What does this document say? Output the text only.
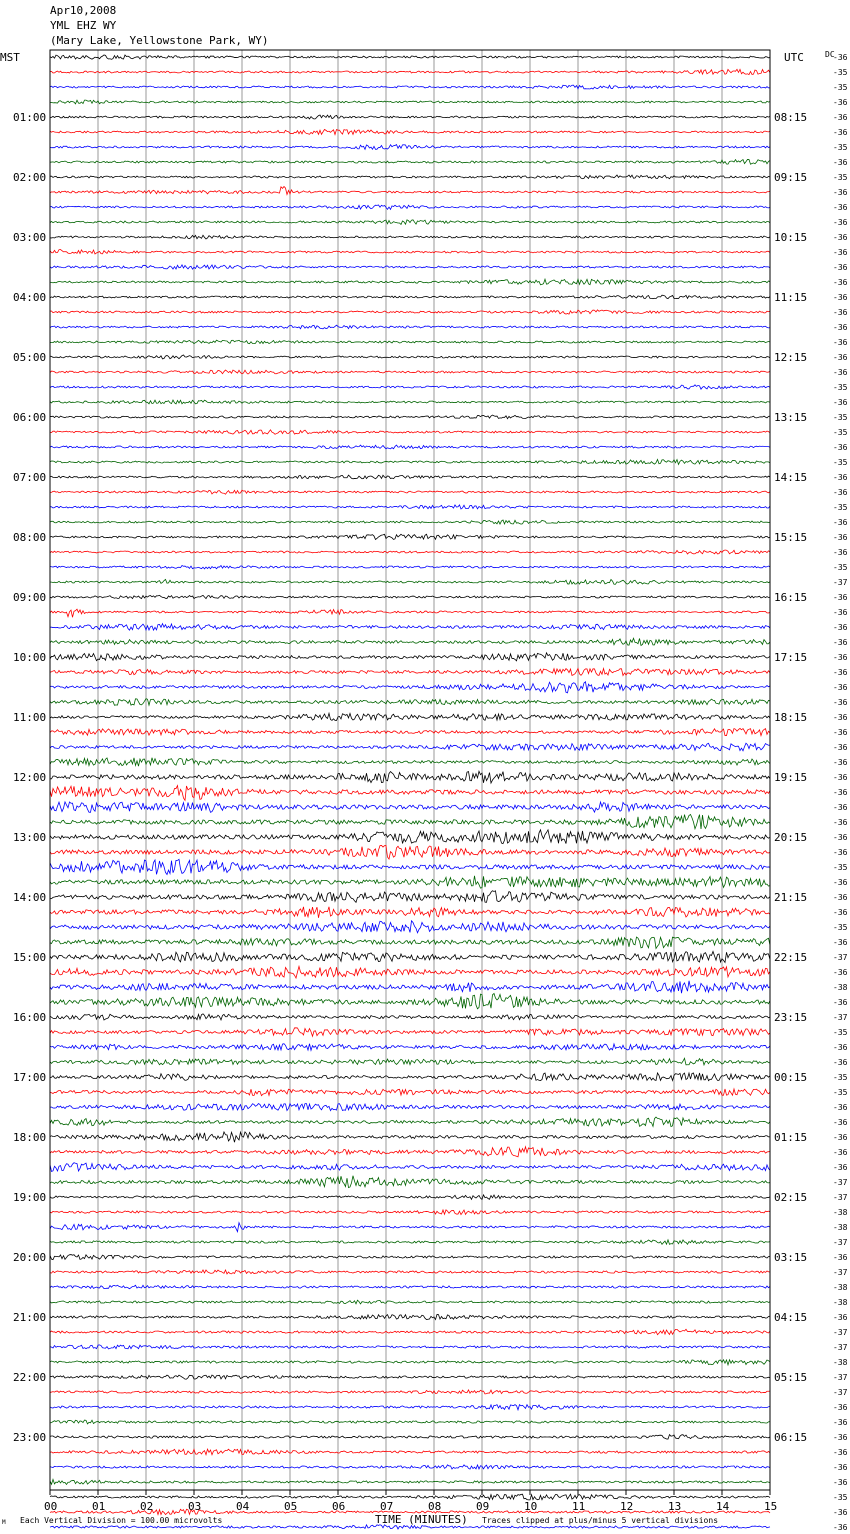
Apr10,2008
YML EHZ WY
(Mary Lake, Yellowstone Park, WY)
MST	UTC	DC
01:00
02:00
03:00
04:00
05:00
06:00
07:00
08:00
09:00
10:00
11:00
12:00
13:00
14:00
15:00
16:00
17:00
18:00
19:00
20:00
21:00
22:00
23:00
08:15
09:15
10:15
11:15
12:15
13:15
14:15
15:15
16:15
17:15
18:15
19:15
20:15
21:15
22:15
23:15
00:15
01:15
02:15
03:15
04:15
05:15
06:15
-36
-35
-35
-36
-36
-36
-35
-36
-35
-36
-36
-36
-36
-36
-36
-36
-36
-36
-36
-36
-36
-36
-35
-36
-35
-35
-36
-35
-36
-36
-35
-36
-36
-36
-35
-37
-36
-36
-36
-36
-36
-36
-36
-36
-36
-36
-36
-36
-36
-36
-36
-36
-36
-36
-35
-36
-36
-36
-35
-36
-37
-36
-38
-36
-37
-35
-36
-36
-35
-35
-36
-36
-36
-36
-36
-37
-37
-38
-38
-37
-36
-37
-38
-38
-36
-37
-37
-38
-37
-37
-36
-36
-36
-36
-36
-36
-35
-36
-36
00	01	02	03	04	05	06	07	08	09	10	11	12	13	14	15
M Each Vertical Division = 100.00 microvolts	TIME (MINUTES) Traces clipped at plus/minus 5 vertical divisions
